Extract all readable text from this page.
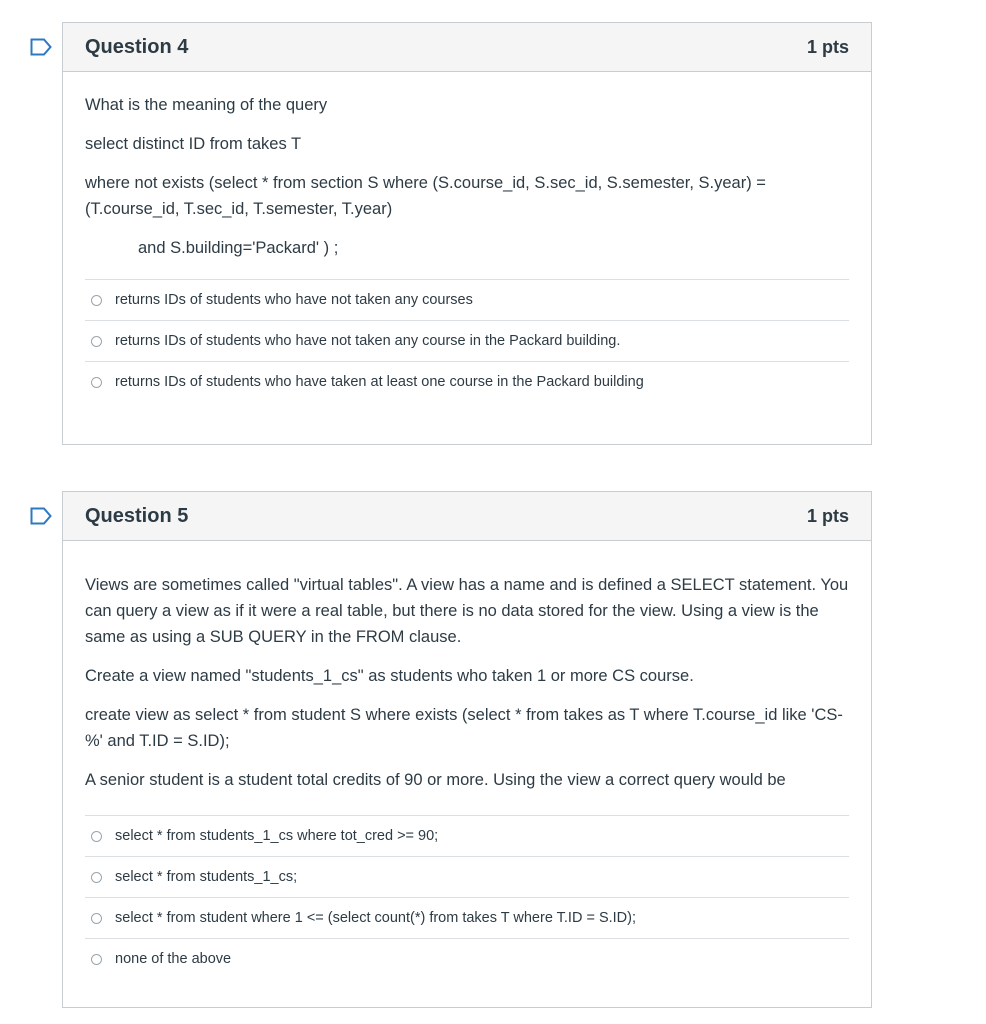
Question 4	1 pts

What is the meaning of the query

select distinct ID from takes T

where not exists (select * from section S where (S.course_id, S.sec_id, S.semester, S.year) = (T.course_id, T.sec_id, T.semester, T.year)

and S.building='Packard' ) ;

returns IDs of students who have not taken any courses
returns IDs of students who have not taken any course in the Packard building.
returns IDs of students who have taken at least one course in the Packard building
Question 5	1 pts

Views are sometimes called "virtual tables". A view has a name and is defined a SELECT statement. You can query a view as if it were a real table, but there is no data stored for the view. Using a view is the same as using a SUB QUERY in the FROM clause.

Create a view named "students_1_cs" as students who taken 1 or more CS course.

create view as select * from student S where exists (select * from takes as T where T.course_id like 'CS-%' and T.ID = S.ID);

A senior student is a student total credits of 90 or more. Using the view a correct query would be

select * from students_1_cs where tot_cred >= 90;
select * from students_1_cs;
select * from student where 1 <= (select count(*) from takes T where T.ID = S.ID);
none of the above
